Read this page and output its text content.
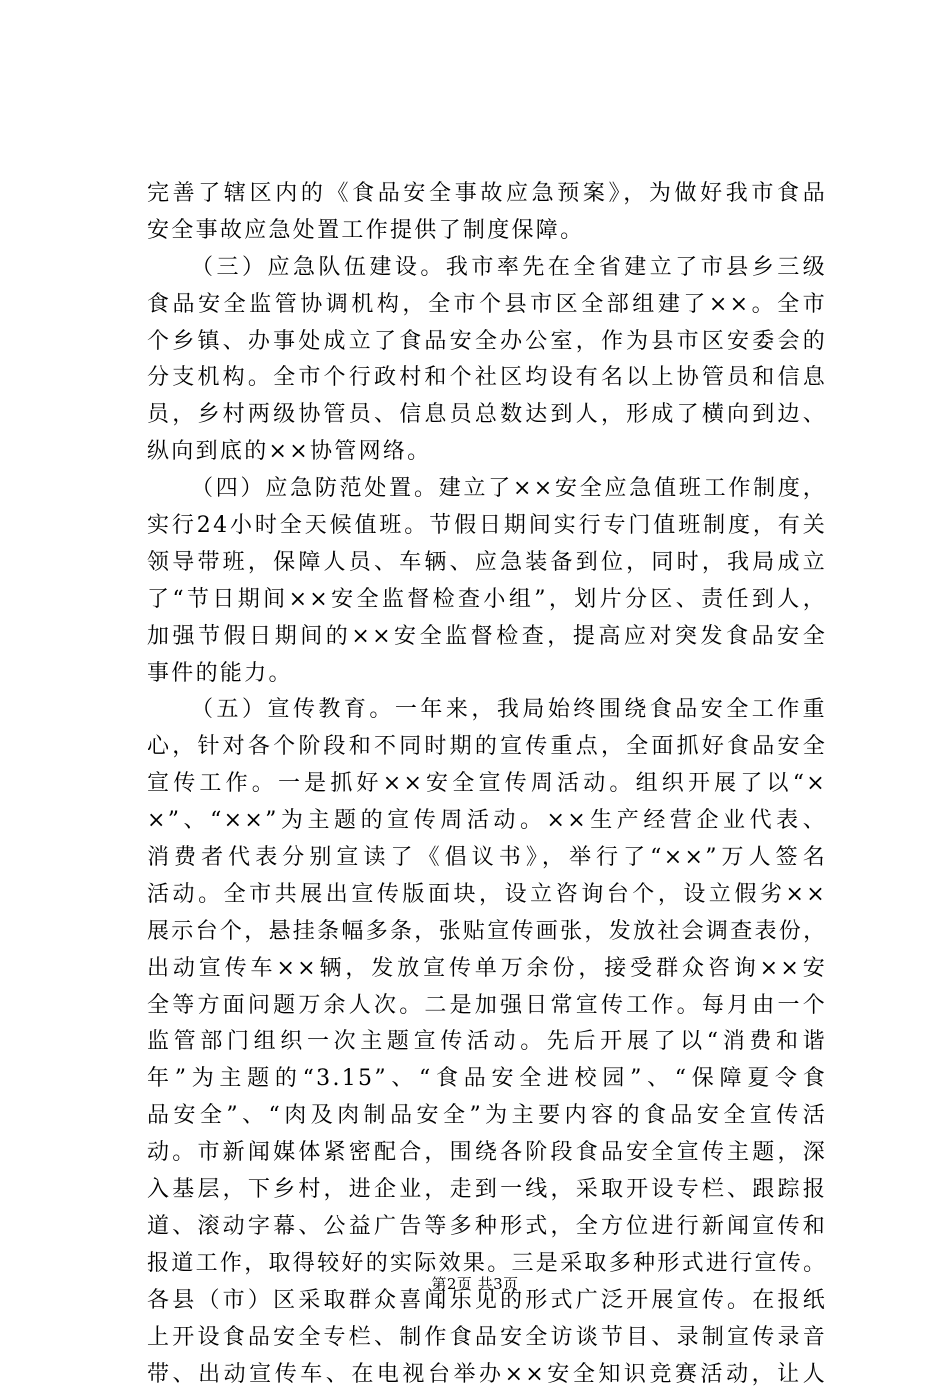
完善了辖区内的《食品安全事故应急预案》，为做好我市食品
安全事故应急处置工作提供了制度保障。
（三）应急队伍建设。我市率先在全省建立了市县乡三级
食品安全监管协调机构，全市个县市区全部组建了××。全市
个乡镇、办事处成立了食品安全办公室，作为县市区安委会的
分支机构。全市个行政村和个社区均设有名以上协管员和信息
员，乡村两级协管员、信息员总数达到人，形成了横向到边、
纵向到底的××协管网络。
（四）应急防范处置。建立了××安全应急值班工作制度，
实行24小时全天候值班。节假日期间实行专门值班制度，有关
领导带班，保障人员、车辆、应急装备到位，同时，我局成立
了“节日期间××安全监督检查小组”，划片分区、责任到人，
加强节假日期间的××安全监督检查，提高应对突发食品安全
事件的能力。
（五）宣传教育。一年来，我局始终围绕食品安全工作重
心，针对各个阶段和不同时期的宣传重点，全面抓好食品安全
宣传工作。一是抓好××安全宣传周活动。组织开展了以“×
×”、“××”为主题的宣传周活动。××生产经营企业代表、
消费者代表分别宣读了《倡议书》，举行了“××”万人签名
活动。全市共展出宣传版面块，设立咨询台个，设立假劣××
展示台个，悬挂条幅多条，张贴宣传画张，发放社会调查表份，
出动宣传车××辆，发放宣传单万余份，接受群众咨询××安
全等方面问题万余人次。二是加强日常宣传工作。每月由一个
监管部门组织一次主题宣传活动。先后开展了以“消费和谐
年”为主题的“3.15”、“食品安全进校园”、“保障夏令食
品安全”、“肉及肉制品安全”为主要内容的食品安全宣传活
动。市新闻媒体紧密配合，围绕各阶段食品安全宣传主题，深
入基层，下乡村，进企业，走到一线，采取开设专栏、跟踪报
道、滚动字幕、公益广告等多种形式，全方位进行新闻宣传和
报道工作，取得较好的实际效果。三是采取多种形式进行宣传。
各县（市）区采取群众喜闻乐见的形式广泛开展宣传。在报纸
上开设食品安全专栏、制作食品安全访谈节目、录制宣传录音
带、出动宣传车、在电视台举办××安全知识竞赛活动，让人
第2页 共3页
